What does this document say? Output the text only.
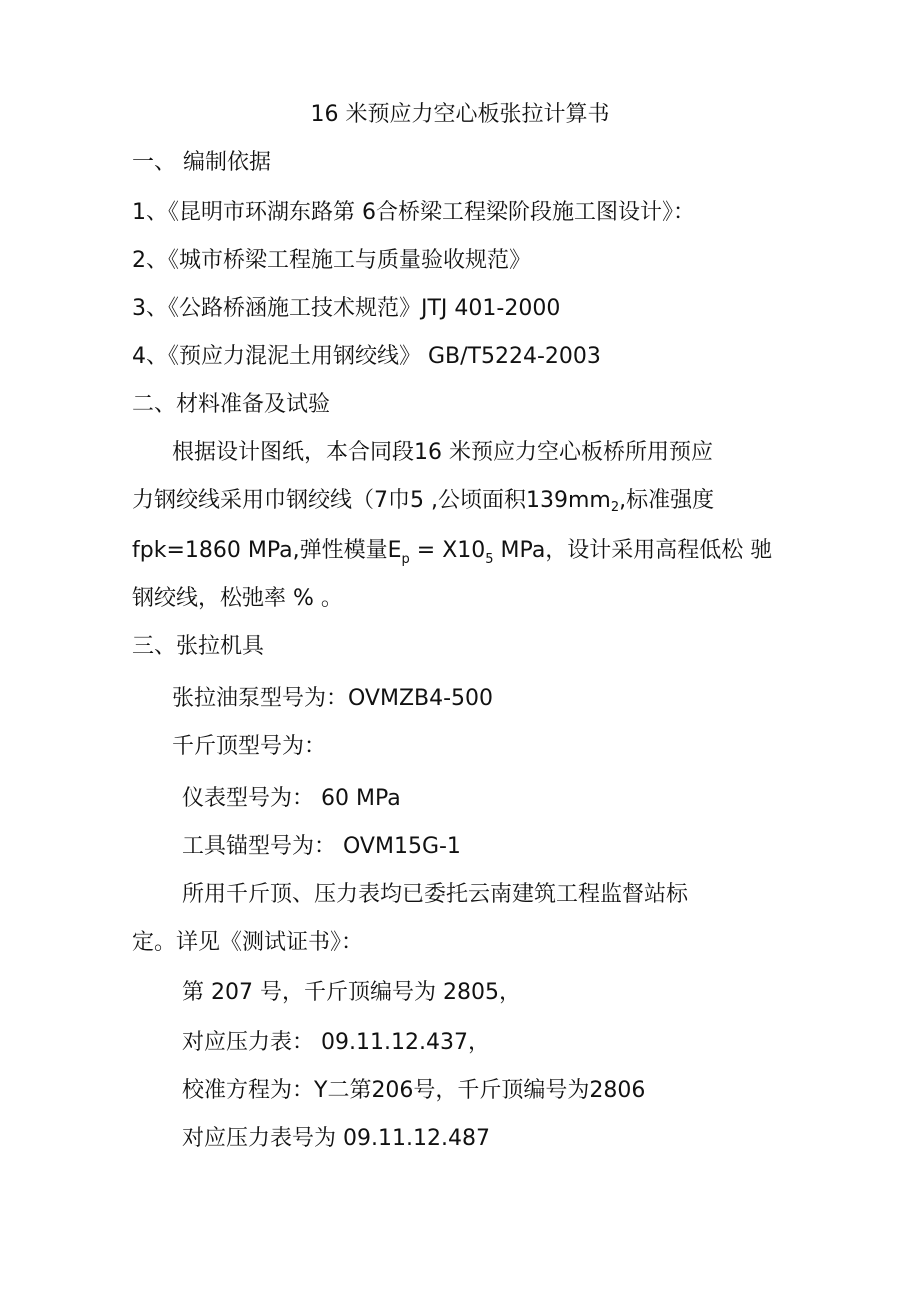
16 米预应力空心板张拉计算书
一、 编制依据
1、《昆明市环湖东路第 6合桥梁工程梁阶段施工图设计》：
2、《城市桥梁工程施工与质量验收规范》
3、《公路桥涵施工技术规范》JTJ 401-2000
4、《预应力混泥土用钢绞线》 GB/T5224-2003
二、材料准备及试验
根据设计图纸，本合同段16 米预应力空心板桥所用预应
力钢绞线采用巾钢绞线（7巾5 ,公顷面积$139mm_2$,标准强度
fpk=1860 MPa,弹性模量$E_p = X10_5$ MPa，设计采用高程低松 驰
钢绞线，松弛率 % 。
三、张拉机具
张拉油泵型号为：OVMZB4-500
千斤顶型号为：
仪表型号为： 60 MPa
工具锚型号为： OVM15G-1
所用千斤顶、压力表均已委托云南建筑工程监督站标
定。详见《测试证书》：
第 207 号，千斤顶编号为 2805，
对应压力表： 09.11.12.437，
校准方程为：Y二第206号，千斤顶编号为2806
对应压力表号为 09.11.12.487
